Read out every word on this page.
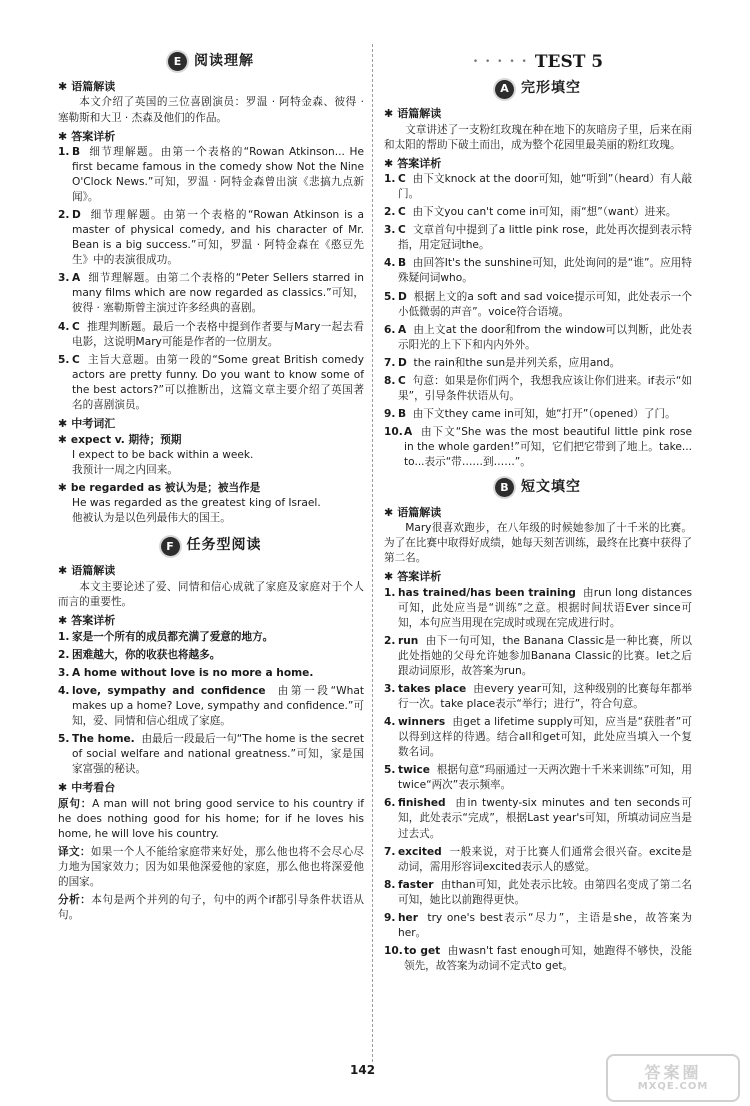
E 阅读理解
✱ 语篇解读

本文介绍了英国的三位喜剧演员：罗温 · 阿特金森、彼得 · 塞勒斯和大卫 · 杰森及他们的作品。

✱ 答案详析
1. B 细节理解题。由第一个表格的“Rowan Atkinson... He first became famous in the comedy show Not the Nine O'Clock News.”可知，罗温 · 阿特金森曾出演《悲搞九点新闻》。
2. D 细节理解题。由第一个表格的“Rowan Atkinson is a master of physical comedy, and his character of Mr. Bean is a big success.”可知，罗温 · 阿特金森在《憨豆先生》中的表演很成功。
3. A 细节理解题。由第二个表格的“Peter Sellers starred in many films which are now regarded as classics.”可知，彼得 · 塞勒斯曾主演过许多经典的喜剧。
4. C 推理判断题。最后一个表格中提到作者要与Mary一起去看电影，这说明Mary可能是作者的一位朋友。
5. C 主旨大意题。由第一段的“Some great British comedy actors are pretty funny. Do you want to know some of the best actors?”可以推断出，这篇文章主要介绍了英国著名的喜剧演员。
✱ 中考词汇
✱ expect v. 期待；预期
I expect to be back within a week.
我预计一周之内回来。
✱ be regarded as 被认为是；被当作是
He was regarded as the greatest king of Israel.
他被认为是以色列最伟大的国王。
F 任务型阅读
✱ 语篇解读

本文主要论述了爱、同情和信心成就了家庭及家庭对于个人而言的重要性。

✱ 答案详析
1. 家是一个所有的成员都充满了爱意的地方。
2. 困难越大，你的收获也将越多。
3. A home without love is no more a home.
4. love, sympathy and confidence 由第一段“What makes up a home? Love, sympathy and confidence.”可知，爱、同情和信心组成了家庭。
5. The home. 由最后一段最后一句“The home is the secret of social welfare and national greatness.”可知，家是国家富强的秘诀。
✱ 中考看台

原句：A man will not bring good service to his country if he does nothing good for his home; for if he loves his home, he will love his country.

译文：如果一个人不能给家庭带来好处，那么他也将不会尽心尽力地为国家效力；因为如果他深爱他的家庭，那么他也将深爱他的国家。

分析：本句是两个并列的句子，句中的两个if都引导条件状语从句。

• • • • • TEST 5
A 完形填空
✱ 语篇解读

文章讲述了一支粉红玫瑰在种在地下的灰暗房子里，后来在雨和太阳的帮助下破土而出，成为整个花园里最美丽的粉红玫瑰。

✱ 答案详析
1. C 由下文knock at the door可知，她“听到”（heard）有人敲门。
2. C 由下文you can't come in可知，雨“想”（want）进来。
3. C 文章首句中提到了a little pink rose，此处再次提到表示特指，用定冠词the。
4. B 由回答It's the sunshine可知，此处询问的是“谁”。应用特殊疑问词who。
5. D 根据上文的a soft and sad voice提示可知，此处表示一个小低微弱的声音”。voice符合语境。
6. A 由上文at the door和from the window可以判断，此处表示阳光的上下下和内内外外。
7. D the rain和the sun是并列关系，应用and。
8. C 句意：如果是你们两个，我想我应该让你们进来。if表示“如果”，引导条件状语从句。
9. B 由下文they came in可知，她“打开”（opened）了门。
10. A 由下文“She was the most beautiful little pink rose in the whole garden!”可知，它们把它带到了地上。take... to...表示“带……到……”。
B 短文填空
✱ 语篇解读

Mary很喜欢跑步，在八年级的时候她参加了十千米的比赛。为了在比赛中取得好成绩，她每天刻苦训练，最终在比赛中获得了第二名。

✱ 答案详析
1. has trained/has been training 由run long distances可知，此处应当是“训练”之意。根据时间状语Ever since可知，本句应当用现在完成时或现在完成进行时。
2. run 由下一句可知，the Banana Classic是一种比赛，所以此处指她的父母允许她参加Banana Classic的比赛。let之后跟动词原形，故答案为run。
3. takes place 由every year可知，这种级别的比赛每年都举行一次。take place表示“举行；进行”，符合句意。
4. winners 由get a lifetime supply可知，应当是“获胜者”可以得到这样的待遇。结合all和get可知，此处应当填入一个复数名词。
5. twice 根据句意“玛丽通过一天两次跑十千米来训练”可知，用twice“两次”表示频率。
6. finished 由in twenty-six minutes and ten seconds可知，此处表示“完成”，根据Last year's可知，所填动词应当是过去式。
7. excited 一般来说，对于比赛人们通常会很兴奋。excite是动词，需用形容词excited表示人的感觉。
8. faster 由than可知，此处表示比较。由第四名变成了第二名可知，她比以前跑得更快。
9. her try one's best表示“尽力”，主语是she，故答案为her。
10. to get 由wasn't fast enough可知，她跑得不够快，没能领先，故答案为动词不定式to get。
142	答案圈
MXQE.COM
